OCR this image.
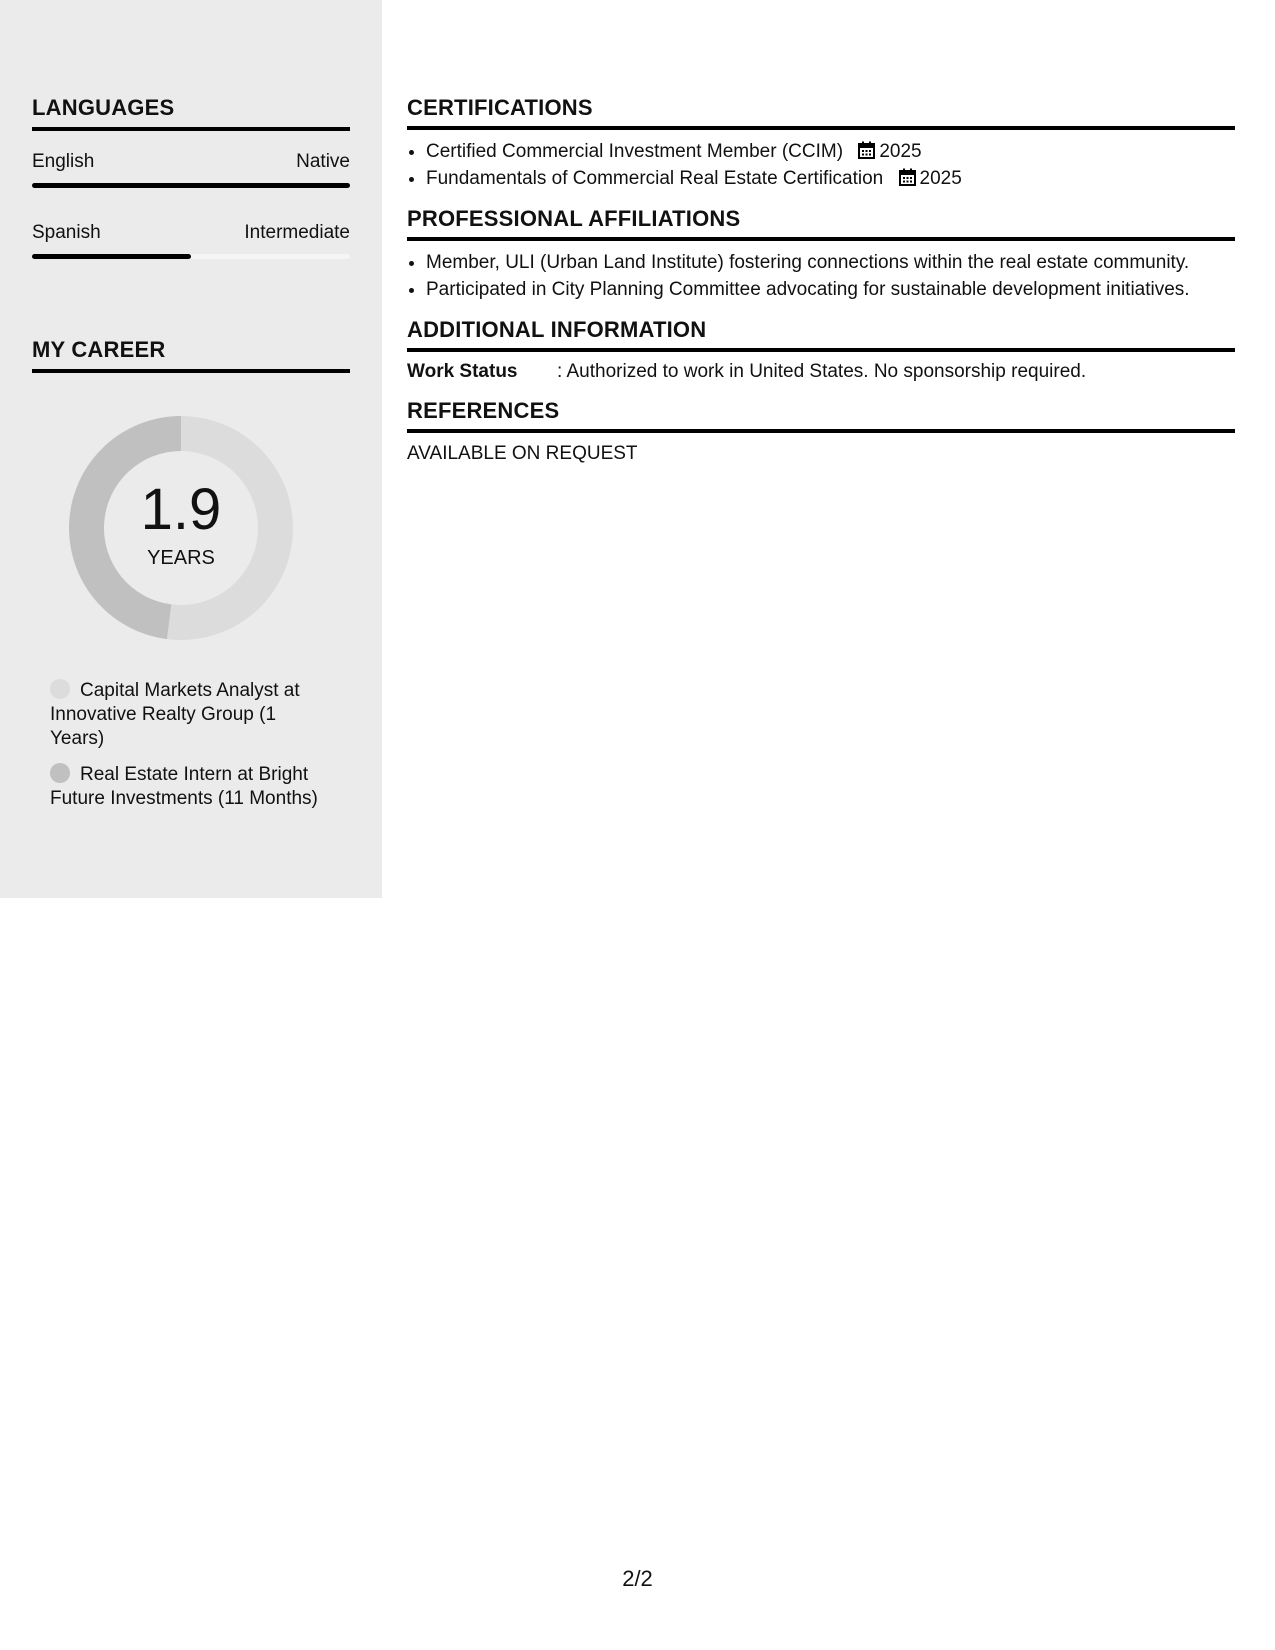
LANGUAGES
English	Native
Spanish	Intermediate
MY CAREER
1.9
YEARS
Capital Markets Analyst at Innovative Realty Group (1 Years)
Real Estate Intern at Bright Future Investments (11 Months)
CERTIFICATIONS
• Certified Commercial Investment Member (CCIM) 2025
• Fundamentals of Commercial Real Estate Certification 2025
PROFESSIONAL AFFILIATIONS
• Member, ULI (Urban Land Institute) fostering connections within the real estate community.
• Participated in City Planning Committee advocating for sustainable development initiatives.
ADDITIONAL INFORMATION
Work Status	: Authorized to work in United States. No sponsorship required.
REFERENCES
AVAILABLE ON REQUEST
2/2
